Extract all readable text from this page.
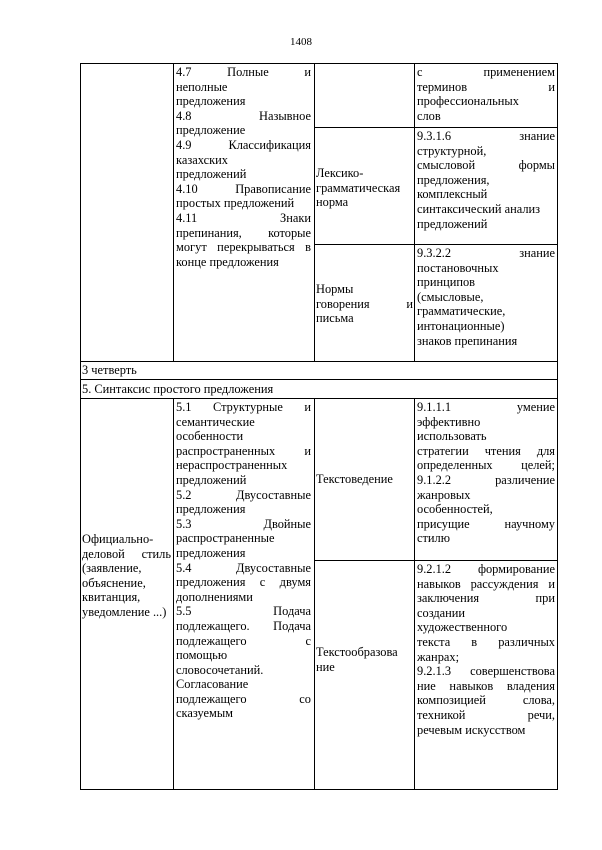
1408

4.7 Полные и

неполные

предложения

4.8 Назывное

предложение

4.9 Классификация

казахских

предложений

4.10 Правописание

простых предложений

4.11 Знаки

препинания, которые

могут перекрываться в

конце предложения

с применением

терминов и

профессиональных

слов

Лексико-

грамматическая

норма

9.3.1.6 знание

структурной,

смысловой формы

предложения,

комплексный

синтаксический анализ

предложений

Нормы

говорения и

письма

9.3.2.2 знание

постановочных

принципов

(смысловые,

грамматические,

интонационные)

знаков препинания

3 четверть
5. Синтаксис простого предложения

Официально-

деловой стиль

(заявление,

объяснение,

квитанция,

уведомление ...)

5.1 Структурные и

семантические

особенности

распространенных и

нераспространенных

предложений

5.2 Двусоставные

предложения

5.3 Двойные

распространенные

предложения

5.4 Двусоставные

предложения с двумя

дополнениями

5.5 Подача

подлежащего. Подача

подлежащего с

помощью

словосочетаний.

Согласование

подлежащего со

сказуемым

Текстоведение

9.1.1.1 умение

эффективно

использовать

стратегии чтения для

определенных целей;

9.1.2.2 различение

жанровых

особенностей,

присущие научному

стилю

Текстообразова

ние

9.2.1.2 формирование

навыков рассуждения и

заключения при

создании

художественного

текста в различных

жанрах;

9.2.1.3 совершенствова

ние навыков владения

композицией слова,

техникой речи,

речевым искусством
